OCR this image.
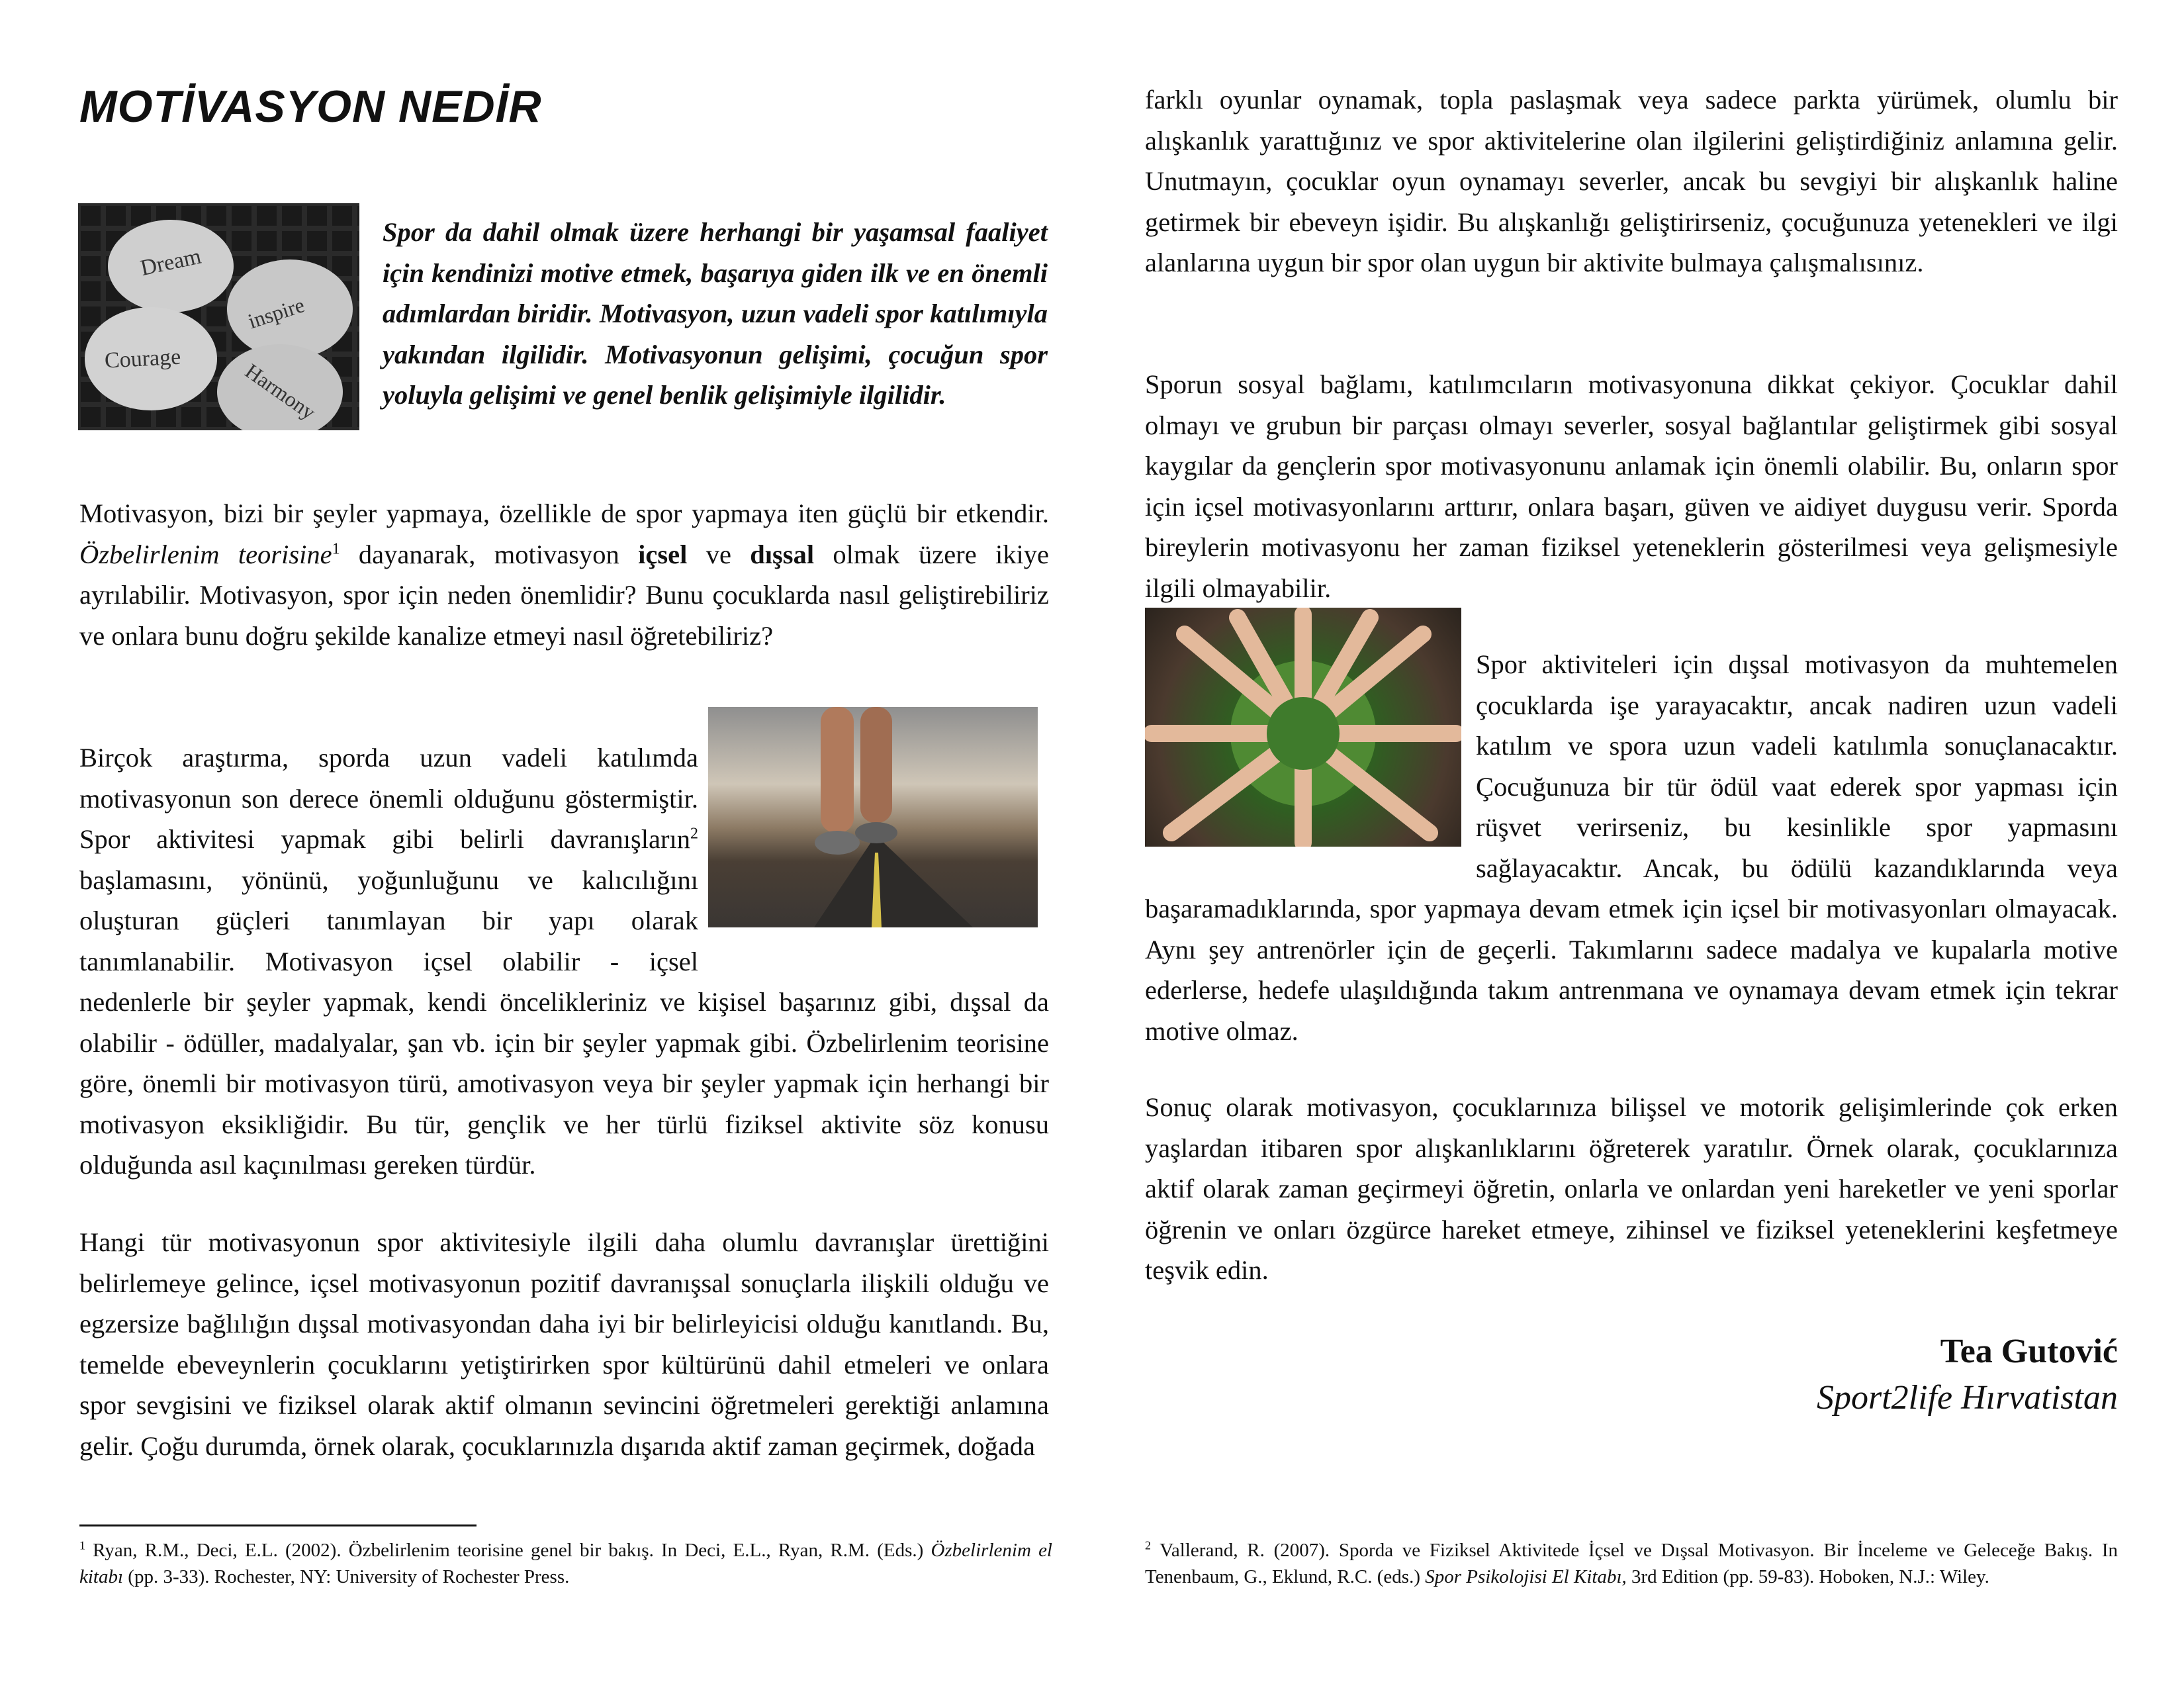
MOTİVASYON NEDİR
Dream
inspire
Courage	Harmony

Spor da dahil olmak üzere herhangi bir yaşamsal faaliyet için kendinizi motive etmek, başarıya giden ilk ve en önemli adımlardan biridir. Motivasyon, uzun vadeli spor katılımıyla yakından ilgilidir. Motivasyonun gelişimi, çocuğun spor yoluyla gelişimi ve genel benlik gelişimiyle ilgilidir.

Motivasyon, bizi bir şeyler yapmaya, özellikle de spor yapmaya iten güçlü bir etkendir. Özbelirlenim teorisine$^1$ dayanarak, motivasyon içsel ve dışsal olmak üzere ikiye ayrılabilir. Motivasyon, spor için neden önemlidir? Bunu çocuklarda nasıl geliştirebiliriz ve onlara bunu doğru şekilde kanalize etmeyi nasıl öğretebiliriz?

Birçok araştırma, sporda uzun vadeli katılımda motivasyonun son derece önemli olduğunu göstermiştir. Spor aktivitesi yapmak gibi belirli davranışların$^2$ başlamasını, yönünü, yoğunluğunu ve kalıcılığını oluşturan güçleri tanımlayan bir yapı olarak tanımlanabilir. Motivasyon içsel olabilir - içsel nedenlerle bir şeyler yapmak, kendi öncelikleriniz ve kişisel başarınız gibi, dışsal da olabilir - ödüller, madalyalar, şan vb. için bir şeyler yapmak gibi. Özbelirlenim teorisine göre, önemli bir motivasyon türü, amotivasyon veya bir şeyler yapmak için herhangi bir motivasyon eksikliğidir. Bu tür, gençlik ve her türlü fiziksel aktivite söz konusu olduğunda asıl kaçınılması gereken türdür.

Hangi tür motivasyonun spor aktivitesiyle ilgili daha olumlu davranışlar ürettiğini belirlemeye gelince, içsel motivasyonun pozitif davranışsal sonuçlarla ilişkili olduğu ve egzersize bağlılığın dışsal motivasyondan daha iyi bir belirleyicisi olduğu kanıtlandı. Bu, temelde ebeveynlerin çocuklarını yetiştirirken spor kültürünü dahil etmeleri ve onlara spor sevgisini ve fiziksel olarak aktif olmanın sevincini öğretmeleri gerektiği anlamına gelir. Çoğu durumda, örnek olarak, çocuklarınızla dışarıda aktif zaman geçirmek, doğada

farklı oyunlar oynamak, topla paslaşmak veya sadece parkta yürümek, olumlu bir alışkanlık yarattığınız ve spor aktivitelerine olan ilgilerini geliştirdiğiniz anlamına gelir. Unutmayın, çocuklar oyun oynamayı severler, ancak bu sevgiyi bir alışkanlık haline getirmek bir ebeveyn işidir. Bu alışkanlığı geliştirirseniz, çocuğunuza yetenekleri ve ilgi alanlarına uygun bir spor olan uygun bir aktivite bulmaya çalışmalısınız.

Sporun sosyal bağlamı, katılımcıların motivasyonuna dikkat çekiyor. Çocuklar dahil olmayı ve grubun bir parçası olmayı severler, sosyal bağlantılar geliştirmek gibi sosyal kaygılar da gençlerin spor motivasyonunu anlamak için önemli olabilir. Bu, onların spor için içsel motivasyonlarını arttırır, onlara başarı, güven ve aidiyet duygusu verir. Sporda bireylerin motivasyonu her zaman fiziksel yeteneklerin gösterilmesi veya gelişmesiyle ilgili olmayabilir.

Spor aktiviteleri için dışsal motivasyon da muhtemelen çocuklarda işe yarayacaktır, ancak nadiren uzun vadeli katılım ve spora uzun vadeli katılımla sonuçlanacaktır. Çocuğunuza bir tür ödül vaat ederek spor yapması için rüşvet verirseniz, bu kesinlikle spor yapmasını sağlayacaktır. Ancak, bu ödülü kazandıklarında veya başaramadıklarında, spor yapmaya devam etmek için içsel bir motivasyonları olmayacak. Aynı şey antrenörler için de geçerli. Takımlarını sadece madalya ve kupalarla motive ederlerse, hedefe ulaşıldığında takım antrenmana ve oynamaya devam etmek için tekrar motive olmaz.

Sonuç olarak motivasyon, çocuklarınıza bilişsel ve motorik gelişimlerinde çok erken yaşlardan itibaren spor alışkanlıklarını öğreterek yaratılır. Örnek olarak, çocuklarınıza aktif olarak zaman geçirmeyi öğretin, onlarla ve onlardan yeni hareketler ve yeni sporlar öğrenin ve onları özgürce hareket etmeye, zihinsel ve fiziksel yeteneklerini keşfetmeye teşvik edin.

Tea Gutović
Sport2life Hırvatistan

$^1$ Ryan, R.M., Deci, E.L. (2002). Özbelirlenim teorisine genel bir bakış. In Deci, E.L., Ryan, R.M. (Eds.) Özbelirlenim el kitabı (pp. 3-33). Rochester, NY: University of Rochester Press.

$^2$ Vallerand, R. (2007). Sporda ve Fiziksel Aktivitede İçsel ve Dışsal Motivasyon. Bir İnceleme ve Geleceğe Bakış. In Tenenbaum, G., Eklund, R.C. (eds.) Spor Psikolojisi El Kitabı, 3rd Edition (pp. 59-83). Hoboken, N.J.: Wiley.
